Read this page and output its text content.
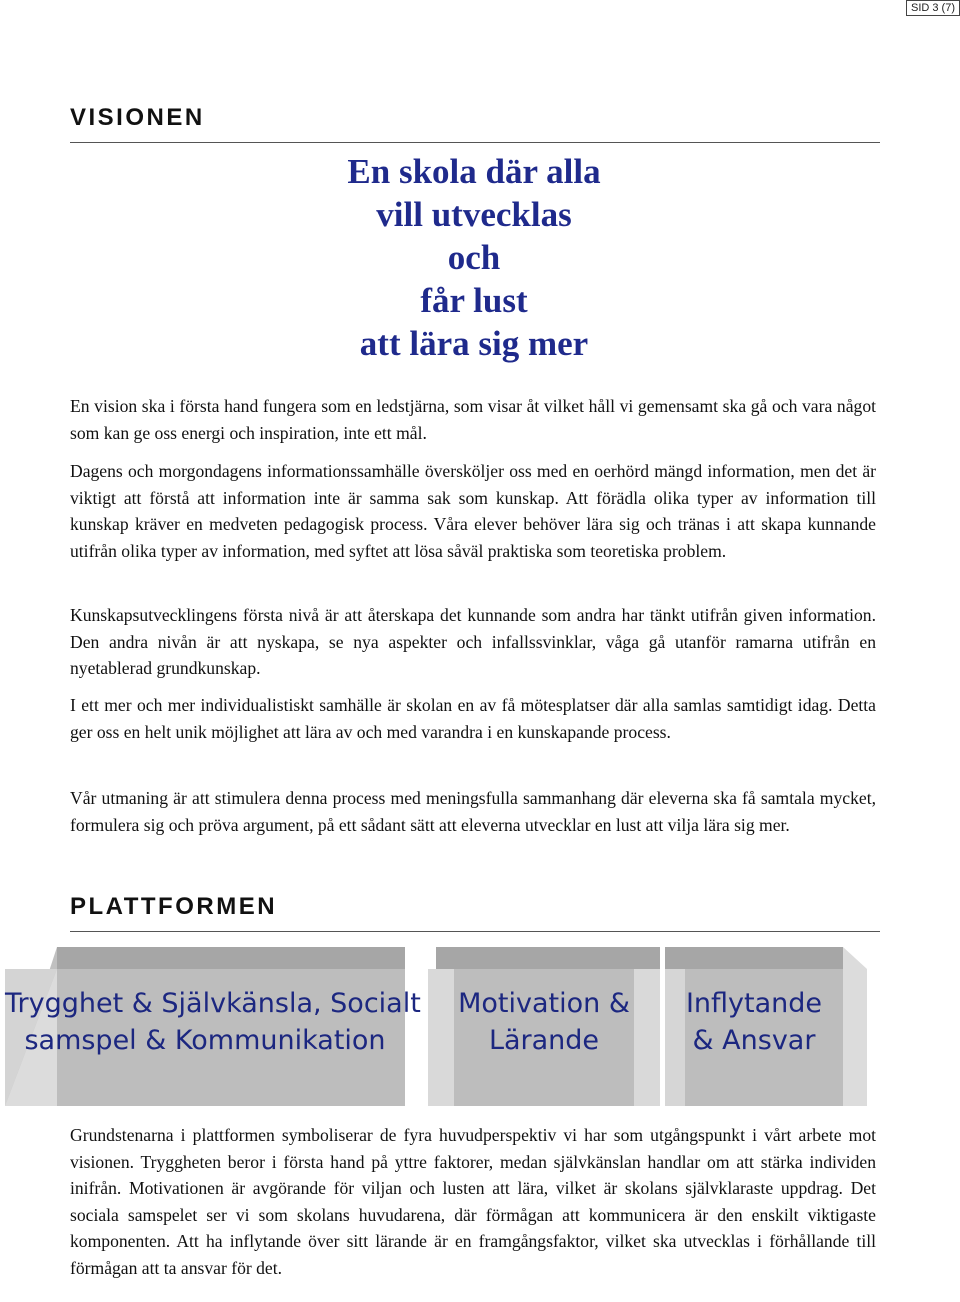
SID 3 (7)
VISIONEN
En skola där alla
vill utvecklas
och
får lust
att lära sig mer

En vision ska i första hand fungera som en ledstjärna, som visar åt vilket håll vi gemensamt ska gå och vara något som kan ge oss energi och inspiration, inte ett mål.

Dagens och morgondagens informationssamhälle översköljer oss med en oerhörd mängd information, men det är viktigt att förstå att information inte är samma sak som kunskap. Att förädla olika typer av information till kunskap kräver en medveten pedagogisk process. Våra elever behöver lära sig och tränas i att skapa kunnande utifrån olika typer av information, med syftet att lösa såväl praktiska som teoretiska problem.

Kunskapsutvecklingens första nivå är att återskapa det kunnande som andra har tänkt utifrån given information. Den andra nivån är att nyskapa, se nya aspekter och infallssvinklar, våga gå utanför ramarna utifrån en nyetablerad grundkunskap.

I ett mer och mer individualistiskt samhälle är skolan en av få mötesplatser där alla samlas samtidigt idag. Detta ger oss en helt unik möjlighet att lära av och med varandra i en kunskapande process.

Vår utmaning är att stimulera denna process med meningsfulla sammanhang där eleverna ska få samtala mycket, formulera sig och pröva argument, på ett sådant sätt att eleverna utvecklar en lust att vilja lära sig mer.

PLATTFORMEN
Trygghet & Självkänsla, Socialt
samspel & Kommunikation
Motivation &
Lärande
Inflytande
& Ansvar

Grundstenarna i plattformen symboliserar de fyra huvudperspektiv vi har som utgångspunkt i vårt arbete mot visionen. Tryggheten beror i första hand på yttre faktorer, medan självkänslan handlar om att stärka individen inifrån. Motivationen är avgörande för viljan och lusten att lära, vilket är skolans självklaraste uppdrag. Det sociala samspelet ser vi som skolans huvudarena, där förmågan att kommunicera är den enskilt viktigaste komponenten. Att ha inflytande över sitt lärande är en framgångsfaktor, vilket ska utvecklas i förhållande till förmågan att ta ansvar för det.
